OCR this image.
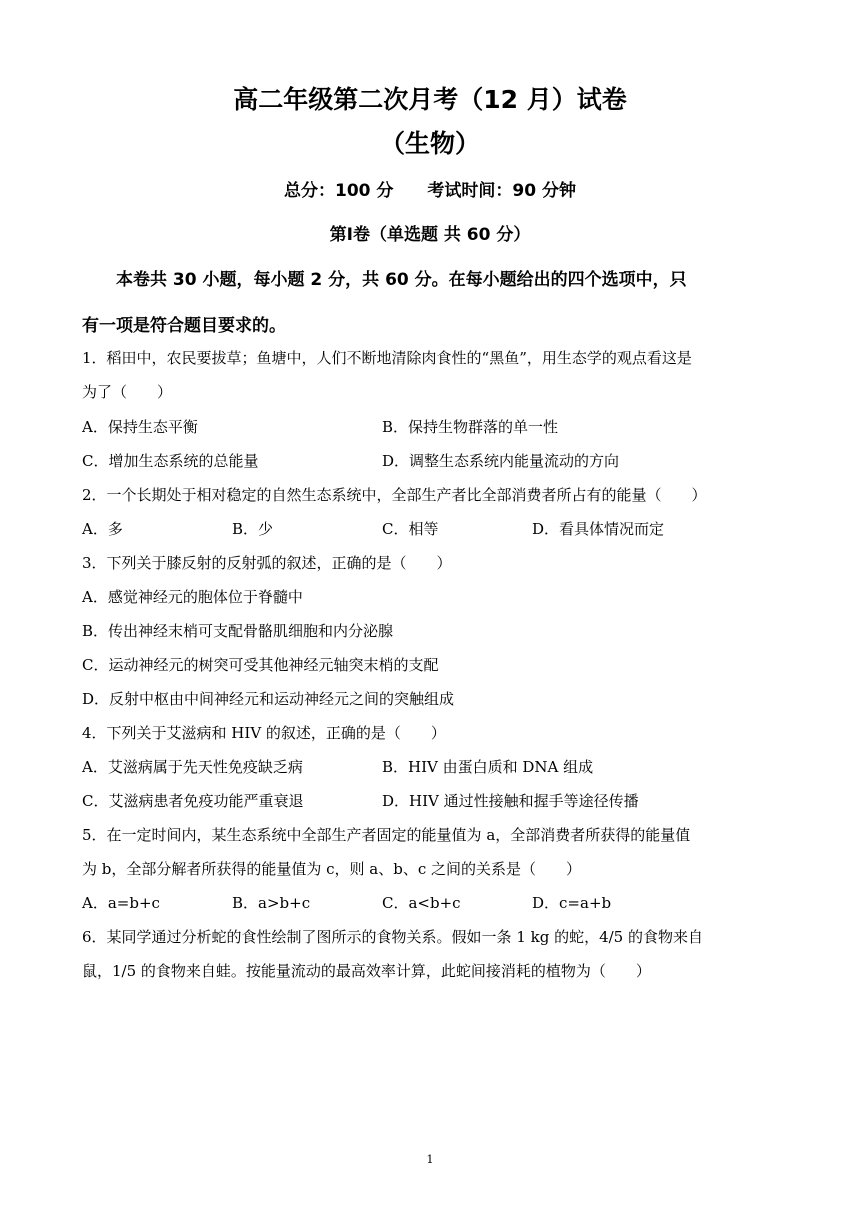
高二年级第二次月考（12 月）试卷
（生物）
总分：100 分　　考试时间：90 分钟
第Ⅰ卷（单选题 共 60 分）
本卷共 30 小题，每小题 2 分，共 60 分。在每小题给出的四个选项中，只
有一项是符合题目要求的。
1．稻田中，农民要拔草；鱼塘中，人们不断地清除肉食性的“黑鱼”，用生态学的观点看这是
为了（　　）
A．保持生态平衡	B．保持生物群落的单一性
C．增加生态系统的总能量	D．调整生态系统内能量流动的方向
2．一个长期处于相对稳定的自然生态系统中，全部生产者比全部消费者所占有的能量（　　）
A．多	B．少	C．相等	D．看具体情况而定
3．下列关于膝反射的反射弧的叙述，正确的是（　　）
A．感觉神经元的胞体位于脊髓中
B．传出神经末梢可支配骨骼肌细胞和内分泌腺
C．运动神经元的树突可受其他神经元轴突末梢的支配
D．反射中枢由中间神经元和运动神经元之间的突触组成
4．下列关于艾滋病和 HIV 的叙述，正确的是（　　）
A．艾滋病属于先天性免疫缺乏病	B．HIV 由蛋白质和 DNA 组成
C．艾滋病患者免疫功能严重衰退	D．HIV 通过性接触和握手等途径传播
5．在一定时间内，某生态系统中全部生产者固定的能量值为 a，全部消费者所获得的能量值
为 b，全部分解者所获得的能量值为 c，则 a、b、c 之间的关系是（　　）
A．a=b+c	B．a>b+c	C．a<b+c	D．c=a+b
6．某同学通过分析蛇的食性绘制了图所示的食物关系。假如一条 1 kg 的蛇，4/5 的食物来自
鼠，1/5 的食物来自蛙。按能量流动的最高效率计算，此蛇间接消耗的植物为（　　）
1
